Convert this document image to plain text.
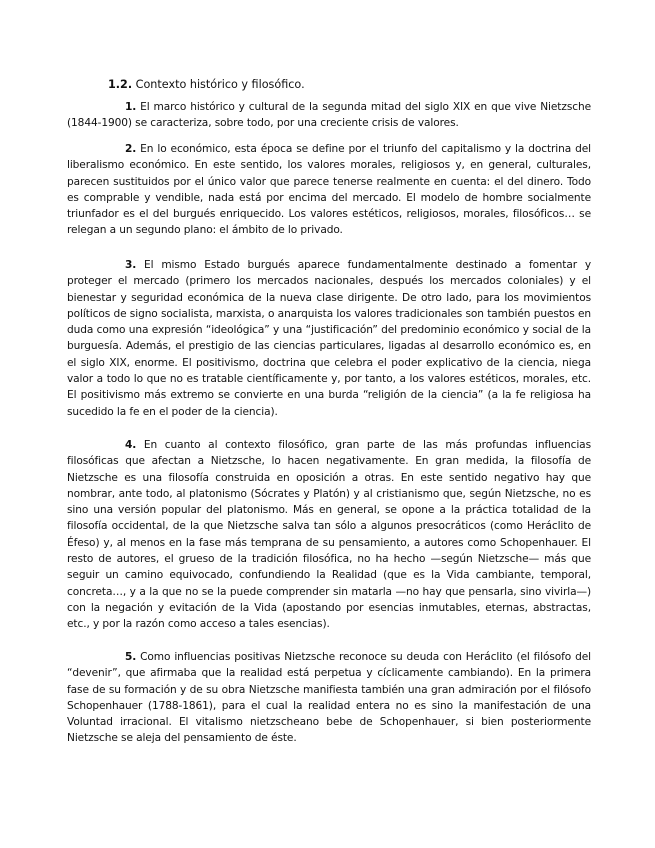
1.2. Contexto histórico y filosófico.

1. El marco histórico y cultural de la segunda mitad del siglo XIX en que vive Nietzsche (1844-1900) se caracteriza, sobre todo, por una creciente crisis de valores.

2. En lo económico, esta época se define por el triunfo del capitalismo y la doctrina del liberalismo económico. En este sentido, los valores morales, religiosos y, en general, culturales, parecen sustituidos por el único valor que parece tenerse realmente en cuenta: el del dinero. Todo es comprable y vendible, nada está por encima del mercado. El modelo de hombre socialmente triunfador es el del burgués enriquecido. Los valores estéticos, religiosos, morales, filosóficos… se relegan a un segundo plano: el ámbito de lo privado.

3. El mismo Estado burgués aparece fundamentalmente destinado a fomentar y proteger el mercado (primero los mercados nacionales, después los mercados coloniales) y el bienestar y seguridad económica de la nueva clase dirigente. De otro lado, para los movimientos políticos de signo socialista, marxista, o anarquista los valores tradicionales son también puestos en duda como una expresión “ideológica” y una “justificación” del predominio económico y social de la burguesía. Además, el prestigio de las ciencias particulares, ligadas al desarrollo económico es, en el siglo XIX, enorme. El positivismo, doctrina que celebra el poder explicativo de la ciencia, niega valor a todo lo que no es tratable científicamente y, por tanto, a los valores estéticos, morales, etc. El positivismo más extremo se convierte en una burda “religión de la ciencia” (a la fe religiosa ha sucedido la fe en el poder de la ciencia).

4. En cuanto al contexto filosófico, gran parte de las más profundas influencias filosóficas que afectan a Nietzsche, lo hacen negativamente. En gran medida, la filosofía de Nietzsche es una filosofía construida en oposición a otras. En este sentido negativo hay que nombrar, ante todo, al platonismo (Sócrates y Platón) y al cristianismo que, según Nietzsche, no es sino una versión popular del platonismo. Más en general, se opone a la práctica totalidad de la filosofía occidental, de la que Nietzsche salva tan sólo a algunos presocráticos (como Heráclito de Éfeso) y, al menos en la fase más temprana de su pensamiento, a autores como Schopenhauer. El resto de autores, el grueso de la tradición filosófica, no ha hecho —según Nietzsche— más que seguir un camino equivocado, confundiendo la Realidad (que es la Vida cambiante, temporal, concreta…, y a la que no se la puede comprender sin matarla —no hay que pensarla, sino vivirla—) con la negación y evitación de la Vida (apostando por esencias inmutables, eternas, abstractas, etc., y por la razón como acceso a tales esencias).

5. Como influencias positivas Nietzsche reconoce su deuda con Heráclito (el filósofo del “devenir”, que afirmaba que la realidad está perpetua y cíclicamente cambiando). En la primera fase de su formación y de su obra Nietzsche manifiesta también una gran admiración por el filósofo Schopenhauer (1788-1861), para el cual la realidad entera no es sino la manifestación de una Voluntad irracional. El vitalismo nietzscheano bebe de Schopenhauer, si bien posteriormente Nietzsche se aleja del pensamiento de éste.
